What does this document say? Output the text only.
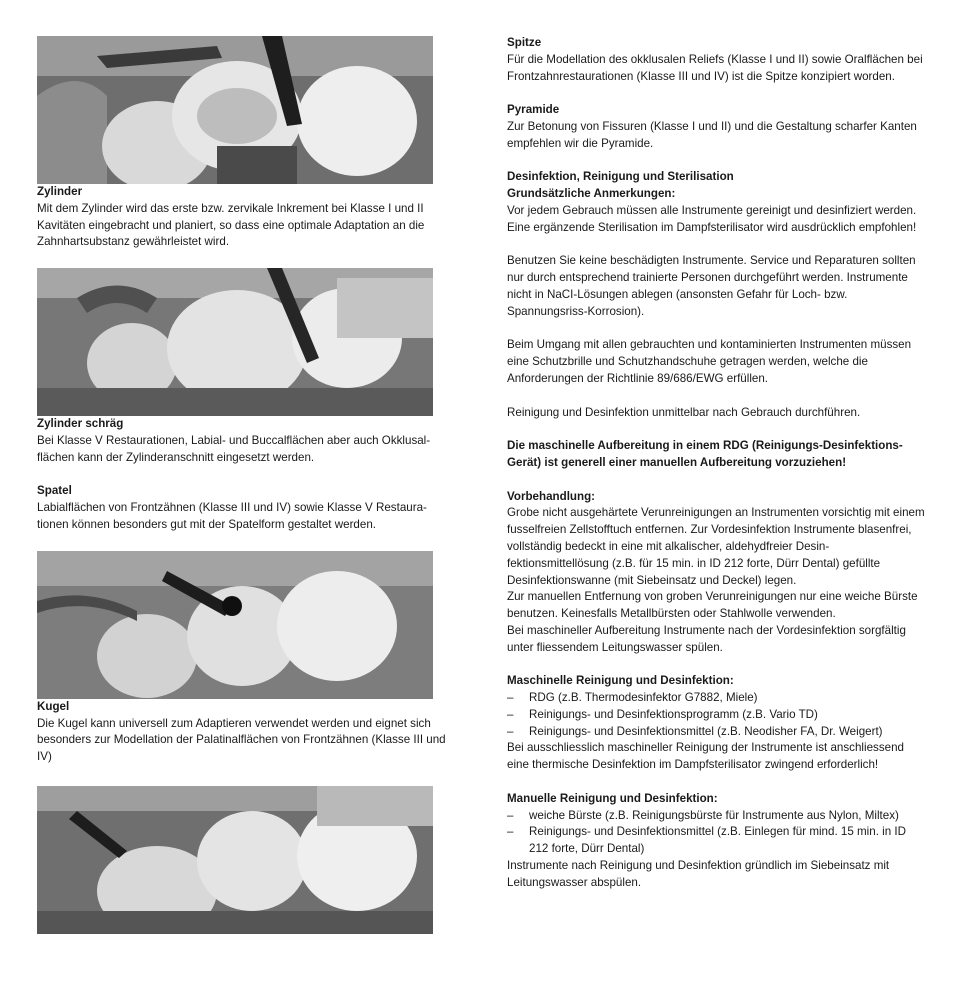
Zylinder
Mit dem Zylinder wird das erste bzw. zervikale Inkrement bei Klasse I und II Kavitäten eingebracht und planiert, so dass eine optimale Adaptation an die Zahnhartsubstanz gewährleistet wird.
Zylinder schräg
Bei Klasse V Restaurationen, Labial- und Buccalflächen aber auch Okklusalflächen kann der Zylinderanschnitt eingesetzt werden.
Spatel
Labialflächen von Frontzähnen (Klasse III und IV) sowie Klasse V Restaurationen können besonders gut mit der Spatelform gestaltet werden.
Kugel
Die Kugel kann universell zum Adaptieren verwendet werden und eignet sich besonders zur Modellation der Palatinalflächen von Frontzähnen (Klasse III und IV)
Spitze
Für die Modellation des okklusalen Reliefs (Klasse I und II) sowie Oralflächen bei Frontzahnrestaurationen (Klasse III und IV) ist die Spitze konzipiert worden.
Pyramide
Zur Betonung von Fissuren (Klasse I und II) und die Gestaltung scharfer Kanten empfehlen wir die Pyramide.
Desinfektion, Reinigung und Sterilisation
Grundsätzliche Anmerkungen:
Vor jedem Gebrauch müssen alle Instrumente gereinigt und desinfiziert werden. Eine ergänzende Sterilisation im Dampfsterilisator wird ausdrücklich empfohlen!
Benutzen Sie keine beschädigten Instrumente. Service und Reparaturen sollten nur durch entsprechend trainierte Personen durchgeführt werden. Instrumente nicht in NaCI-Lösungen ablegen (ansonsten Gefahr für Loch- bzw. Spannungsriss-Korrosion).
Beim Umgang mit allen gebrauchten und kontaminierten Instrumenten müssen eine Schutzbrille und Schutzhandschuhe getragen werden, welche die Anforderungen der Richtlinie 89/686/EWG erfüllen.
Reinigung und Desinfektion unmittelbar nach Gebrauch durchführen.
Die maschinelle Aufbereitung in einem RDG (Reinigungs-Desinfektions-Gerät) ist generell einer manuellen Aufbereitung vorzuziehen!
Vorbehandlung:
Grobe nicht ausgehärtete Verunreinigungen an Instrumenten vorsichtig mit einem fusselfreien Zellstofftuch entfernen. Zur Vordesinfektion Instrumente blasenfrei, vollständig bedeckt in eine mit alkalischer, aldehydfreier Desinfektionsmittellösung (z.B. für 15 min. in ID 212 forte, Dürr Dental) gefüllte Desinfektionswanne (mit Siebeinsatz und Deckel) legen.
Zur manuellen Entfernung von groben Verunreinigungen nur eine weiche Bürste benutzen. Keinesfalls Metallbürsten oder Stahlwolle verwenden.
Bei maschineller Aufbereitung Instrumente nach der Vordesinfektion sorgfältig unter fliessendem Leitungswasser spülen.
Maschinelle Reinigung und Desinfektion:
–	RDG (z.B. Thermodesinfektor G7882, Miele)
–	Reinigungs- und Desinfektionsprogramm (z.B. Vario TD)
–	Reinigungs- und Desinfektionsmittel (z.B. Neodisher FA, Dr. Weigert)
Bei ausschliesslich maschineller Reinigung der Instrumente ist anschliessend eine thermische Desinfektion im Dampfsterilisator zwingend erforderlich!
Manuelle Reinigung und Desinfektion:
–	weiche Bürste (z.B. Reinigungsbürste für Instrumente aus Nylon, Miltex)
–	Reinigungs- und Desinfektionsmittel (z.B. Einlegen für mind. 15 min. in ID 212 forte, Dürr Dental)
Instrumente nach Reinigung und Desinfektion gründlich im Siebeinsatz mit Leitungswasser abspülen.
